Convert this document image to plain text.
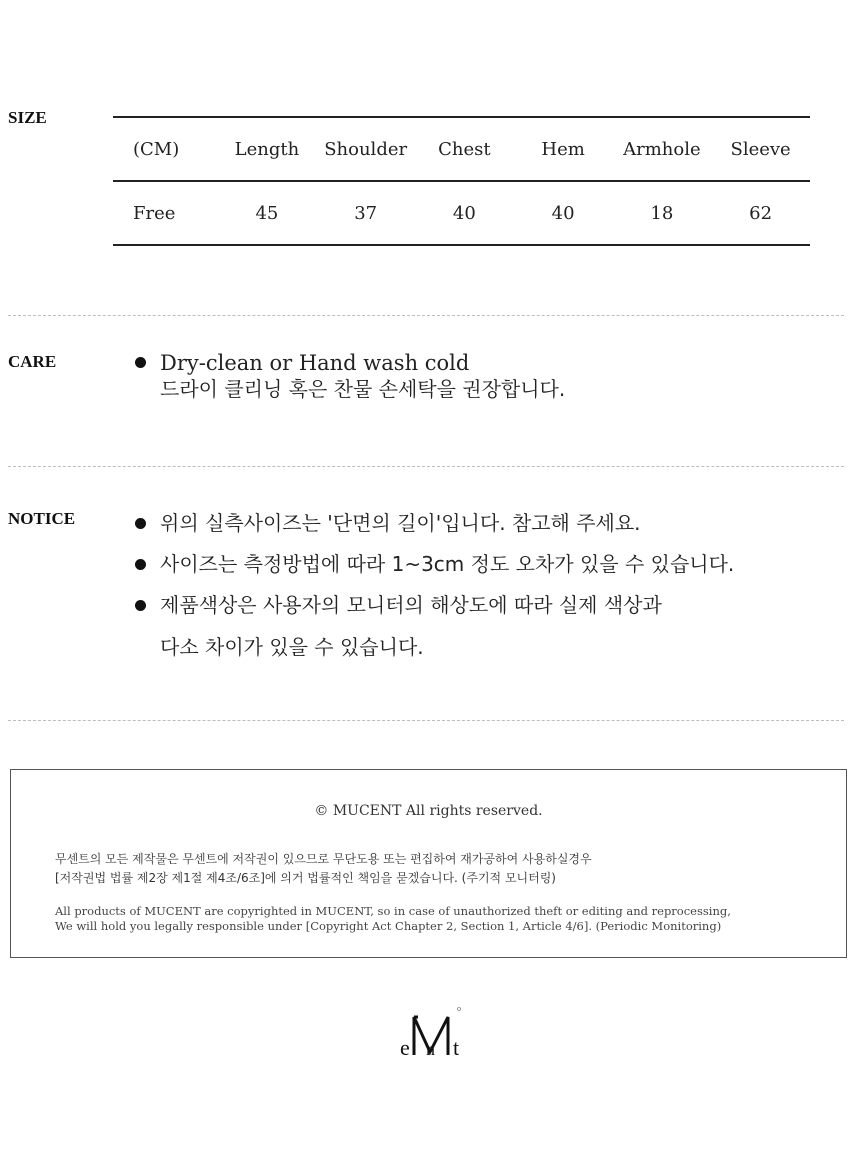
SIZE
(CM)	Length	Shoulder	Chest	Hem	Armhole	Sleeve
Free	45	37	40	40	18	62
CARE	Dry-clean or Hand wash cold
드라이 클리닝 혹은 찬물 손세탁을 권장합니다.
NOTICE	위의 실측사이즈는 '단면의 길이'입니다. 참고해 주세요.
사이즈는 측정방법에 따라 1~3cm 정도 오차가 있을 수 있습니다.
제품색상은 사용자의 모니터의 해상도에 따라 실제 색상과
다소 차이가 있을 수 있습니다.
© MUCENT All rights reserved.
무센트의 모든 제작물은 무센트에 저작권이 있으므로 무단도용 또는 편집하여 재가공하여 사용하실경우
[저작권법 법률 제2장 제1절 제4조/6조]에 의거 법률적인 책임을 묻겠습니다. (주기적 모니터링)
All products of MUCENT are copyrighted in MUCENT, so in case of unauthorized theft or editing and reprocessing,
We will hold you legally responsible under [Copyright Act Chapter 2, Section 1, Article 4/6]. (Periodic Monitoring)
e n t
